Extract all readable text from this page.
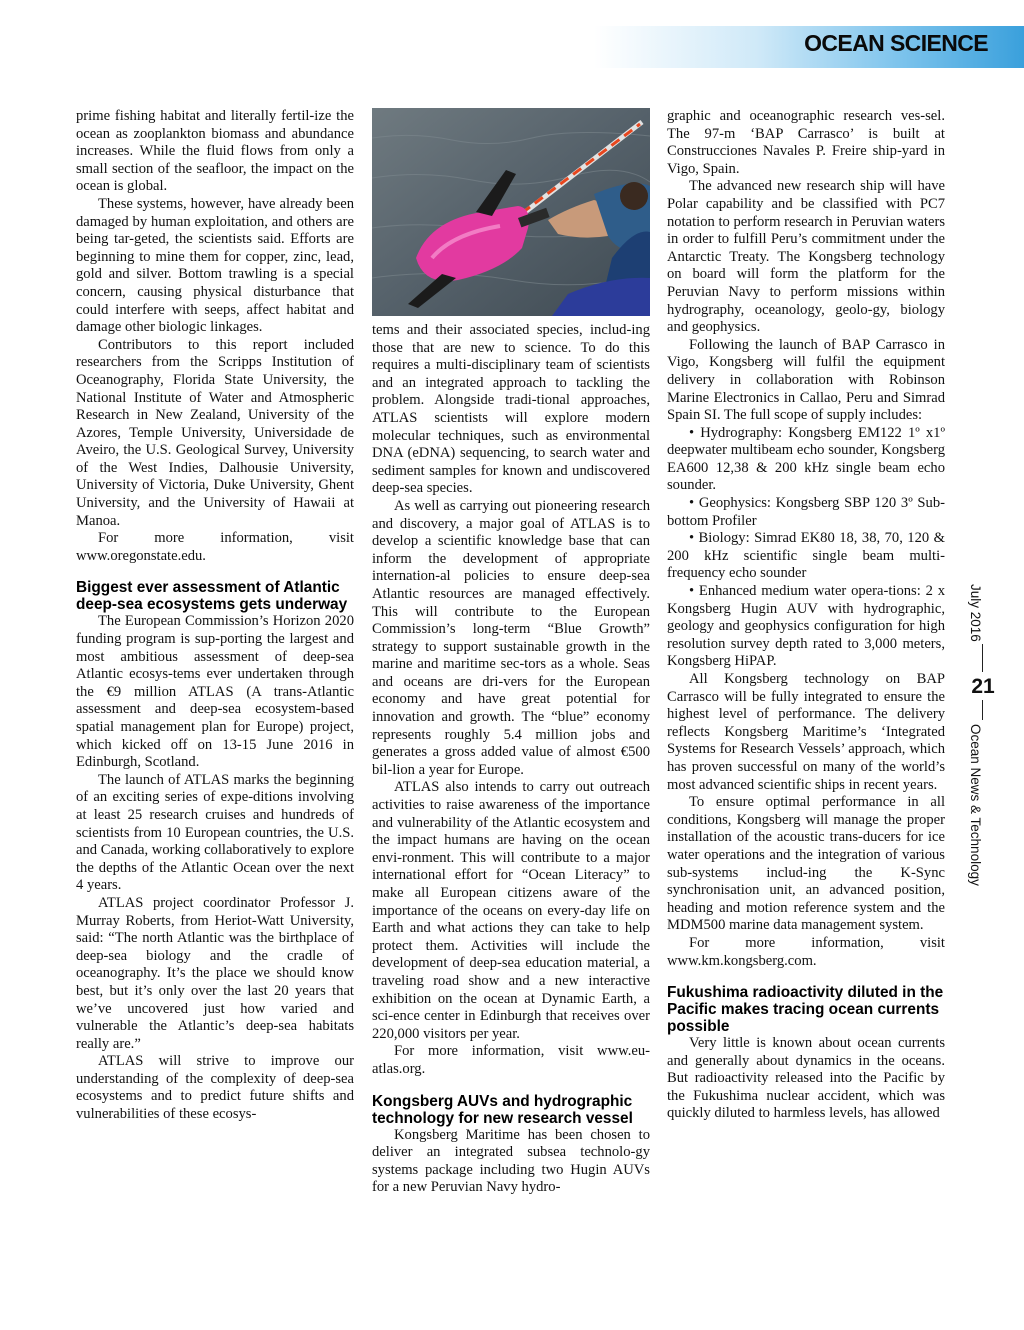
OCEAN SCIENCE

prime fishing habitat and literally fertil-ize the ocean as zooplankton biomass and abundance increases. While the fluid flows from only a small section of the seafloor, the impact on the ocean is global.

These systems, however, have already been damaged by human exploitation, and others are being tar-geted, the scientists said. Efforts are beginning to mine them for copper, zinc, lead, gold and silver. Bottom trawling is a special concern, causing physical disturbance that could interfere with seeps, affect habitat and damage other biologic linkages.

Contributors to this report included researchers from the Scripps Institution of Oceanography, Florida State University, the National Institute of Water and Atmospheric Research in New Zealand, University of the Azores, Temple University, Universidade de Aveiro, the U.S. Geological Survey, University of the West Indies, Dalhousie University, University of Victoria, Duke University, Ghent University, and the University of Hawaii at Manoa.

For more information, visit www.oregonstate.edu.

Biggest ever assessment of Atlantic deep-sea ecosystems gets underway

The European Commission’s Horizon 2020 funding program is sup-porting the largest and most ambitious assessment of deep-sea Atlantic ecosys-tems ever undertaken through the €9 million ATLAS (A trans-Atlantic assessment and deep-sea ecosystem-based spatial management plan for Europe) project, which kicked off on 13-15 June 2016 in Edinburgh, Scotland.

The launch of ATLAS marks the beginning of an exciting series of expe-ditions involving at least 25 research cruises and hundreds of scientists from 10 European countries, the U.S. and Canada, working collaboratively to explore the depths of the Atlantic Ocean over the next 4 years.

ATLAS project coordinator Professor J. Murray Roberts, from Heriot-Watt University, said: “The north Atlantic was the birthplace of deep-sea biology and the cradle of oceanography. It’s the place we should know best, but it’s only over the last 20 years that we’ve uncovered just how varied and vulnerable the Atlantic’s deep-sea habitats really are.”

ATLAS will strive to improve our understanding of the complexity of deep-sea ecosystems and to predict future shifts and vulnerabilities of these ecosys-

tems and their associated species, includ-ing those that are new to science. To do this requires a multi-disciplinary team of scientists and an integrated approach to tackling the problem. Alongside tradi-tional approaches, ATLAS scientists will explore modern molecular techniques, such as environmental DNA (eDNA) sequencing, to search water and sediment samples for known and undiscovered deep-sea species.

As well as carrying out pioneering research and discovery, a major goal of ATLAS is to develop a scientific knowledge base that can inform the development of appropriate internation-al policies to ensure deep-sea Atlantic resources are managed effectively. This will contribute to the European Commission’s long-term “Blue Growth” strategy to support sustainable growth in the marine and maritime sec-tors as a whole. Seas and oceans are dri-vers for the European economy and have great potential for innovation and growth. The “blue” economy represents roughly 5.4 million jobs and generates a gross added value of almost €500 bil-lion a year for Europe.

ATLAS also intends to carry out outreach activities to raise awareness of the importance and vulnerability of the Atlantic ecosystem and the impact humans are having on the ocean envi-ronment. This will contribute to a major international effort for “Ocean Literacy” to make all European citizens aware of the importance of the oceans on every-day life on Earth and what actions they can take to help protect them. Activities will include the development of deep-sea education material, a traveling road show and a new interactive exhibition on the ocean at Dynamic Earth, a sci-ence center in Edinburgh that receives over 220,000 visitors per year.

For more information, visit www.eu-atlas.org.

Kongsberg AUVs and hydrographic technology for new research vessel

Kongsberg Maritime has been chosen to deliver an integrated subsea technolo-gy systems package including two Hugin AUVs for a new Peruvian Navy hydro-

graphic and oceanographic research ves-sel. The 97-m ‘BAP Carrasco’ is built at Construcciones Navales P. Freire ship-yard in Vigo, Spain.

The advanced new research ship will have Polar capability and be classified with PC7 notation to perform research in Peruvian waters in order to fulfill Peru’s commitment under the Antarctic Treaty. The Kongsberg technology on board will form the platform for the Peruvian Navy to perform missions within hydrography, oceanology, geolo-gy, biology and geophysics.

Following the launch of BAP Carrasco in Vigo, Kongsberg will fulfil the equipment delivery in collaboration with Robinson Marine Electronics in Callao, Peru and Simrad Spain SI. The full scope of supply includes:

• Hydrography: Kongsberg EM122 1º x1º deepwater multibeam echo sounder, Kongsberg EA600 12,38 & 200 kHz single beam echo sounder.

• Geophysics: Kongsberg SBP 120 3º Sub-bottom Profiler

• Biology: Simrad EK80 18, 38, 70, 120 & 200 kHz scientific single beam multi-frequency echo sounder

• Enhanced medium water opera-tions: 2 x Kongsberg Hugin AUV with hydrographic, geology and geophysics configuration for high resolution survey depth rated to 3,000 meters, Kongsberg HiPAP.

All Kongsberg technology on BAP Carrasco will be fully integrated to ensure the highest level of performance. The delivery reflects Kongsberg Maritime’s ‘Integrated Systems for Research Vessels’ approach, which has proven successful on many of the world’s most advanced scientific ships in recent years.

To ensure optimal performance in all conditions, Kongsberg will manage the proper installation of the acoustic trans-ducers for ice water operations and the integration of various sub-systems includ-ing the K-Sync synchronisation unit, an advanced position, heading and motion reference system and the MDM500 marine data management system.

For more information, visit www.km.kongsberg.com.

Fukushima radioactivity diluted in the Pacific makes tracing ocean currents possible

Very little is known about ocean currents and generally about dynamics in the oceans. But radioactivity released into the Pacific by the Fukushima nuclear accident, which was quickly diluted to harmless levels, has allowed

July 2016
21
Ocean News & Technology
